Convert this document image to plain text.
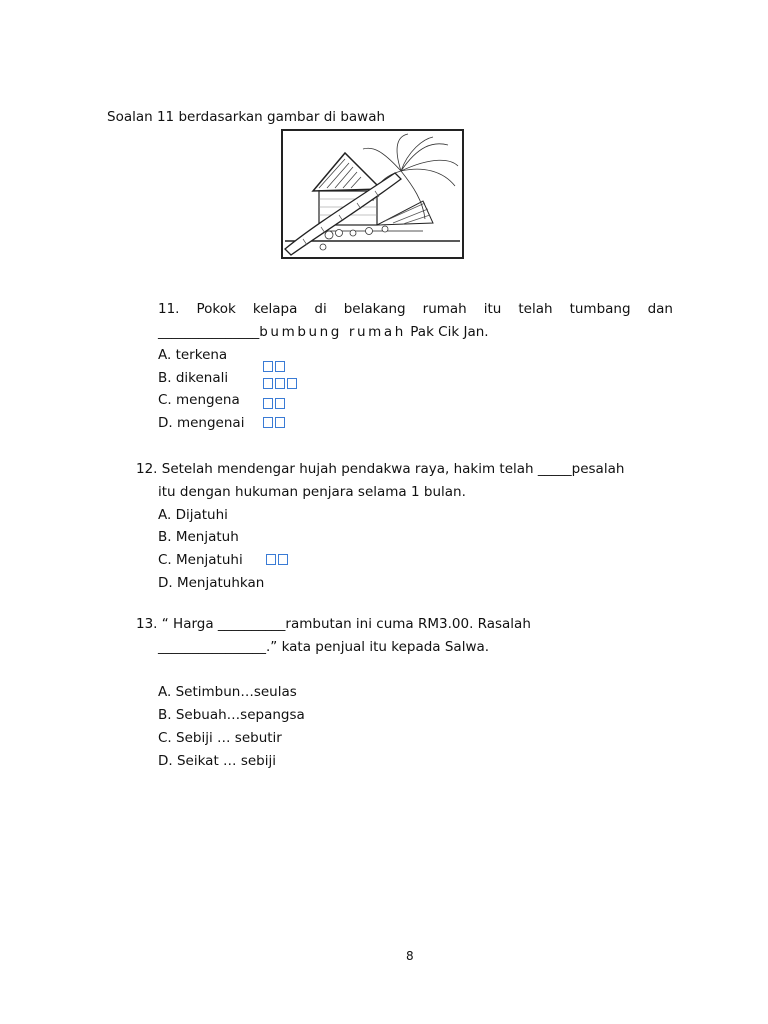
Soalan 11 berdasarkan gambar di bawah
11. Pokok kelapa di belakang rumah itu telah tumbang dan
_______________bumbung rumah Pak Cik Jan.
A. terkena
B. dikenali
C. mengena
D. mengenai
12. Setelah mendengar hujah pendakwa raya, hakim telah _____pesalah
itu dengan hukuman penjara selama 1 bulan.
A. Dijatuhi
B. Menjatuh
C. Menjatuhi
D. Menjatuhkan
13. “ Harga __________rambutan ini cuma RM3.00. Rasalah
________________.” kata penjual itu kepada Salwa.
A. Setimbun…seulas
B. Sebuah…sepangsa
C. Sebiji … sebutir
D. Seikat … sebiji
8
